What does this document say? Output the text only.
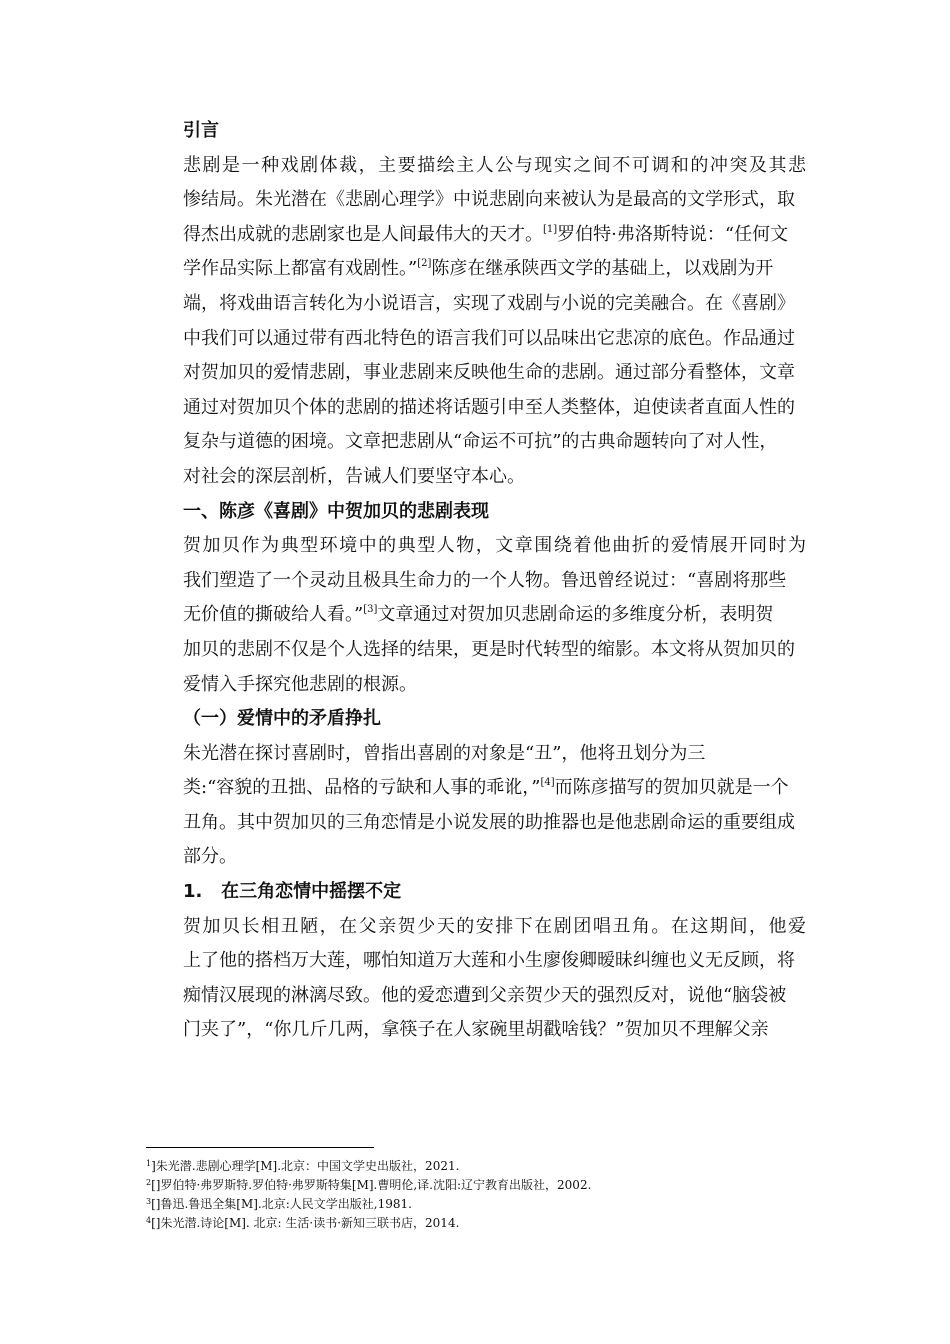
引言
悲剧是一种戏剧体裁，主要描绘主人公与现实之间不可调和的冲突及其悲
惨结局。朱光潜在《悲剧心理学》中说悲剧向来被认为是最高的文学形式，取
得杰出成就的悲剧家也是人间最伟大的天才。[1]罗伯特·弗洛斯特说：“任何文
学作品实际上都富有戏剧性。”[2]陈彦在继承陕西文学的基础上，以戏剧为开
端，将戏曲语言转化为小说语言，实现了戏剧与小说的完美融合。在《喜剧》
中我们可以通过带有西北特色的语言我们可以品味出它悲凉的底色。作品通过
对贺加贝的爱情悲剧，事业悲剧来反映他生命的悲剧。通过部分看整体，文章
通过对贺加贝个体的悲剧的描述将话题引申至人类整体，迫使读者直面人性的
复杂与道德的困境。文章把悲剧从“命运不可抗”的古典命题转向了对人性，
对社会的深层剖析，告诫人们要坚守本心。
一、陈彦《喜剧》中贺加贝的悲剧表现
贺加贝作为典型环境中的典型人物，文章围绕着他曲折的爱情展开同时为
我们塑造了一个灵动且极具生命力的一个人物。鲁迅曾经说过：“喜剧将那些
无价值的撕破给人看。”[3]文章通过对贺加贝悲剧命运的多维度分析，表明贺
加贝的悲剧不仅是个人选择的结果，更是时代转型的缩影。本文将从贺加贝的
爱情入手探究他悲剧的根源。
（一）爱情中的矛盾挣扎
朱光潜在探讨喜剧时，曾指出喜剧的对象是“丑”，他将丑划分为三
类:“容貌的丑拙、品格的亏缺和人事的乖讹，”[4]而陈彦描写的贺加贝就是一个
丑角。其中贺加贝的三角恋情是小说发展的助推器也是他悲剧命运的重要组成
部分。
1.   在三角恋情中摇摆不定
贺加贝长相丑陋，在父亲贺少天的安排下在剧团唱丑角。在这期间，他爱
上了他的搭档万大莲，哪怕知道万大莲和小生廖俊卿暧昧纠缠也义无反顾，将
痴情汉展现的淋漓尽致。他的爱恋遭到父亲贺少天的强烈反对，说他“脑袋被
门夹了”，“你几斤几两，拿筷子在人家碗里胡戳啥钱？”贺加贝不理解父亲

$^1$]朱光潜.悲剧心理学[M].北京：中国文学史出版社，2021.

$^2$[]罗伯特·弗罗斯特.罗伯特·弗罗斯特集[M].曹明伦,译.沈阳:辽宁教育出版社，2002.

$^3$[]鲁迅.鲁迅全集[M].北京:人民文学出版社,1981.

$^4$[]朱光潜.诗论[M]. 北京: 生活·读书·新知三联书店，2014.
